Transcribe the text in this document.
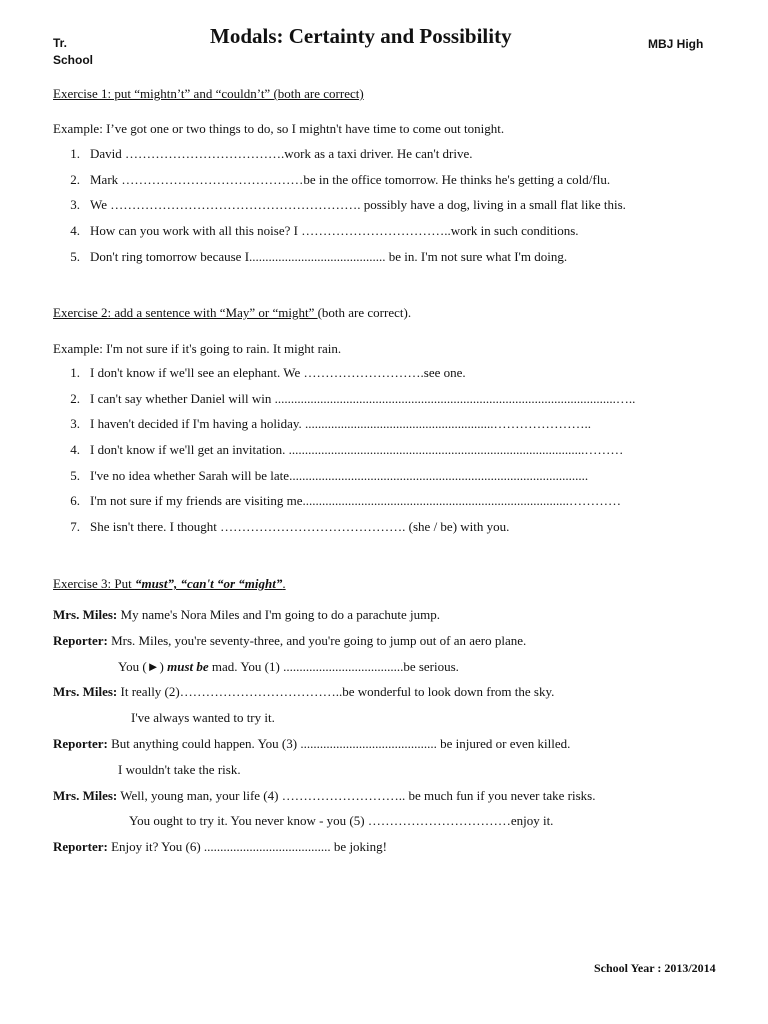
Tr.
School
Modals: Certainty and Possibility	MBJ High
Exercise 1: put “mightn’t” and “couldn’t” (both are correct)
Example: I’ve got one or two things to do, so I mightn't have time to come out tonight.
1. David ……………………………….work as a taxi driver. He can't drive.
2. Mark ……………………………………be in the office tomorrow. He thinks he's getting a cold/flu.
3. We …………………………………………………. possibly have a dog, living in a small flat like this.
4. How can you work with all this noise? I ……………………………..work in such conditions.
5. Don't ring tomorrow because I.......................................... be in. I'm not sure what I'm doing.
Exercise 2: add a sentence with “May” or “might” (both are correct).
Example: I'm not sure if it's going to rain. It might rain.
1. I don't know if we'll see an elephant. We ……………………….see one.
2. I can't say whether Daniel will win .........................................................................................................…..
3. I haven't decided if I'm having a holiday. ..........................................................…………………..
4. I don't know if we'll get an invitation. ...........................................................................................………
5. I've no idea whether Sarah will be late............................................................................................
6. I'm not sure if my friends are visiting me..................................................................................…………
7. She isn't there. I thought ……………………………………. (she / be) with you.
Exercise 3: Put “must”, “can't “or “might”.
Mrs. Miles: My name's Nora Miles and I'm going to do a parachute jump.
Reporter: Mrs. Miles, you're seventy-three, and you're going to jump out of an aero plane.
You (►) must be mad. You (1) .....................................be serious.
Mrs. Miles: It really (2)………………………………..be wonderful to look down from the sky.
I've always wanted to try it.
Reporter: But anything could happen. You (3) .......................................... be injured or even killed.
I wouldn't take the risk.
Mrs. Miles: Well, young man, your life (4) ……………………….. be much fun if you never take risks.
You ought to try it. You never know - you (5) ……………………………enjoy it.
Reporter: Enjoy it? You (6) ....................................... be joking!
School Year : 2013/2014
